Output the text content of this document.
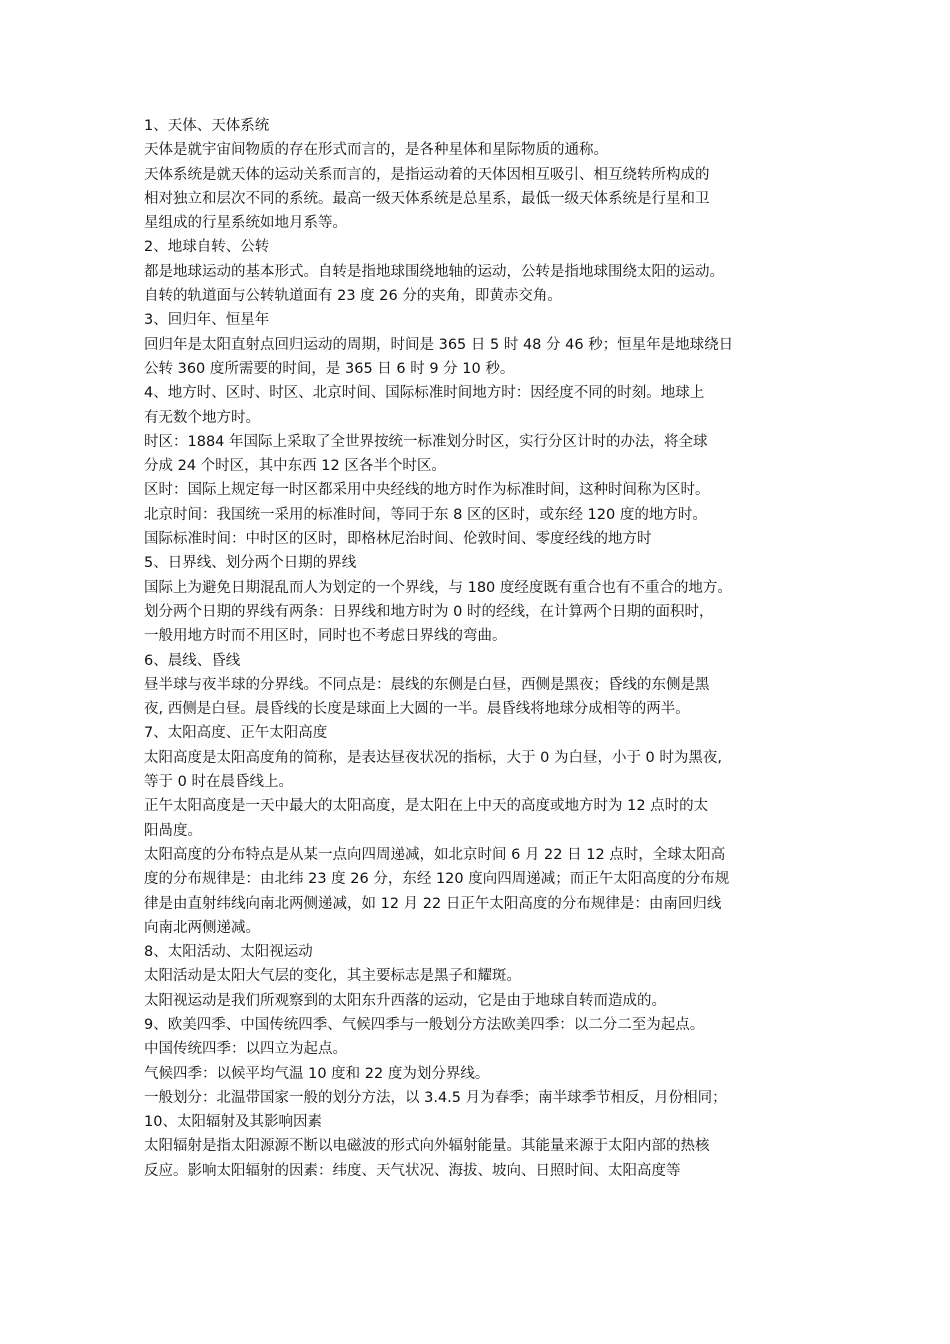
1、天体、天体系统
天体是就宇宙间物质的存在形式而言的，是各种星体和星际物质的通称。
天体系统是就天体的运动关系而言的，是指运动着的天体因相互吸引、相互绕转所构成的
相对独立和层次不同的系统。最高一级天体系统是总星系，最低一级天体系统是行星和卫
星组成的行星系统如地月系等。
2、地球自转、公转
都是地球运动的基本形式。自转是指地球围绕地轴的运动，公转是指地球围绕太阳的运动。
自转的轨道面与公转轨道面有 23 度 26 分的夹角，即黄赤交角。
3、回归年、恒星年
回归年是太阳直射点回归运动的周期，时间是 365 日 5 时 48 分 46 秒；恒星年是地球绕日
公转 360 度所需要的时间，是 365 日 6 时 9 分 10 秒。
4、地方时、区时、时区、北京时间、国际标准时间地方时：因经度不同的时刻。地球上
有无数个地方时。
时区：1884 年国际上采取了全世界按统一标准划分时区，实行分区计时的办法，将全球
分成 24 个时区，其中东西 12 区各半个时区。
区时：国际上规定每一时区都采用中央经线的地方时作为标准时间，这种时间称为区时。
北京时间：我国统一采用的标准时间，等同于东 8 区的区时，或东经 120 度的地方时。
国际标准时间：中时区的区时，即格林尼治时间、伦敦时间、零度经线的地方时
5、日界线、划分两个日期的界线
国际上为避免日期混乱而人为划定的一个界线，与 180 度经度既有重合也有不重合的地方。
划分两个日期的界线有两条：日界线和地方时为 0 时的经线，在计算两个日期的面积时，
一般用地方时而不用区时，同时也不考虑日界线的弯曲。
6、晨线、昏线
昼半球与夜半球的分界线。不同点是：晨线的东侧是白昼，西侧是黑夜；昏线的东侧是黑
夜, 西侧是白昼。晨昏线的长度是球面上大圆的一半。晨昏线将地球分成相等的两半。
7、太阳高度、正午太阳高度
太阳高度是太阳高度角的简称，是表达昼夜状况的指标，大于 0 为白昼，小于 0 时为黑夜,
等于 0 时在晨昏线上。
正午太阳高度是一天中最大的太阳高度，是太阳在上中天的高度或地方时为 12 点时的太
阳咼度。
太阳高度的分布特点是从某一点向四周递减，如北京时间 6 月 22 日 12 点时，全球太阳高
度的分布规律是：由北纬 23 度 26 分，东经 120 度向四周递减；而正午太阳高度的分布规
律是由直射纬线向南北两侧递减，如 12 月 22 日正午太阳高度的分布规律是：由南回归线
向南北两侧递减。
8、太阳活动、太阳视运动
太阳活动是太阳大气层的变化，其主要标志是黑子和耀斑。
太阳视运动是我们所观察到的太阳东升西落的运动，它是由于地球自转而造成的。
9、欧美四季、中国传统四季、气候四季与一般划分方法欧美四季：以二分二至为起点。
中国传统四季：以四立为起点。
气候四季：以候平均气温 10 度和 22 度为划分界线。
一般划分：北温带国家一般的划分方法，以 3.4.5 月为春季；南半球季节相反，月份相同；
10、太阳辐射及其影响因素
太阳辐射是指太阳源源不断以电磁波的形式向外辐射能量。其能量来源于太阳内部的热核
反应。影响太阳辐射的因素：纬度、天气状况、海拔、坡向、日照时间、太阳高度等
